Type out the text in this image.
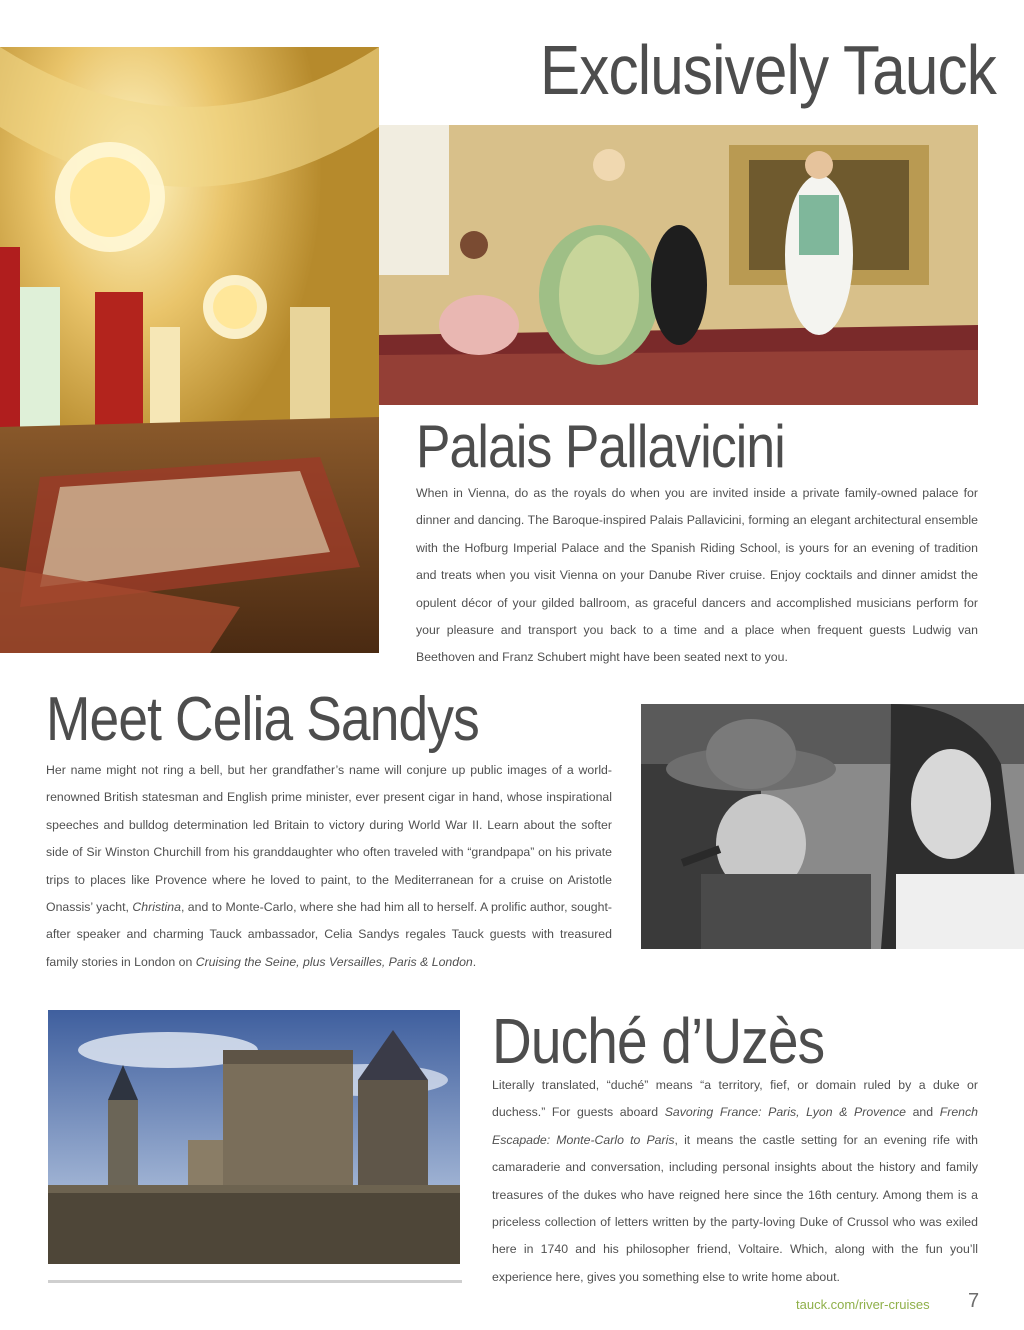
Exclusively Tauck
Palais Pallavicini
When in Vienna, do as the royals do when you are invited inside a private family-owned palace for dinner and dancing. The Baroque-inspired Palais Pallavicini, forming an elegant architectural ensemble with the Hofburg Imperial Palace and the Spanish Riding School, is yours for an evening of tradition and treats when you visit Vienna on your Danube River cruise. Enjoy cocktails and dinner amidst the opulent décor of your gilded ballroom, as graceful dancers and accomplished musicians perform for your pleasure and transport you back to a time and a place when frequent guests Ludwig van Beethoven and Franz Schubert might have been seated next to you.
Meet Celia Sandys
Her name might not ring a bell, but her grandfather’s name will conjure up public images of a world-renowned British statesman and English prime minister, ever present cigar in hand, whose inspirational speeches and bulldog determination led Britain to victory during World War II. Learn about the softer side of Sir Winston Churchill from his granddaughter who often traveled with “grandpapa” on his private trips to places like Provence where he loved to paint, to the Mediterranean for a cruise on Aristotle Onassis’ yacht, Christina, and to Monte-Carlo, where she had him all to herself. A prolific author, sought-after speaker and charming Tauck ambassador, Celia Sandys regales Tauck guests with treasured family stories in London on Cruising the Seine, plus Versailles, Paris & London.
Duché d’Uzès
Literally translated, “duché” means “a territory, fief, or domain ruled by a duke or duchess.” For guests aboard Savoring France: Paris, Lyon & Provence and French Escapade: Monte-Carlo to Paris, it means the castle setting for an evening rife with camaraderie and conversation, including personal insights about the history and family treasures of the dukes who have reigned here since the 16th century. Among them is a priceless collection of letters written by the party-loving Duke of Crussol who was exiled here in 1740 and his philosopher friend, Voltaire. Which, along with the fun you’ll experience here, gives you something else to write home about.
tauck.com/river-cruises 7
